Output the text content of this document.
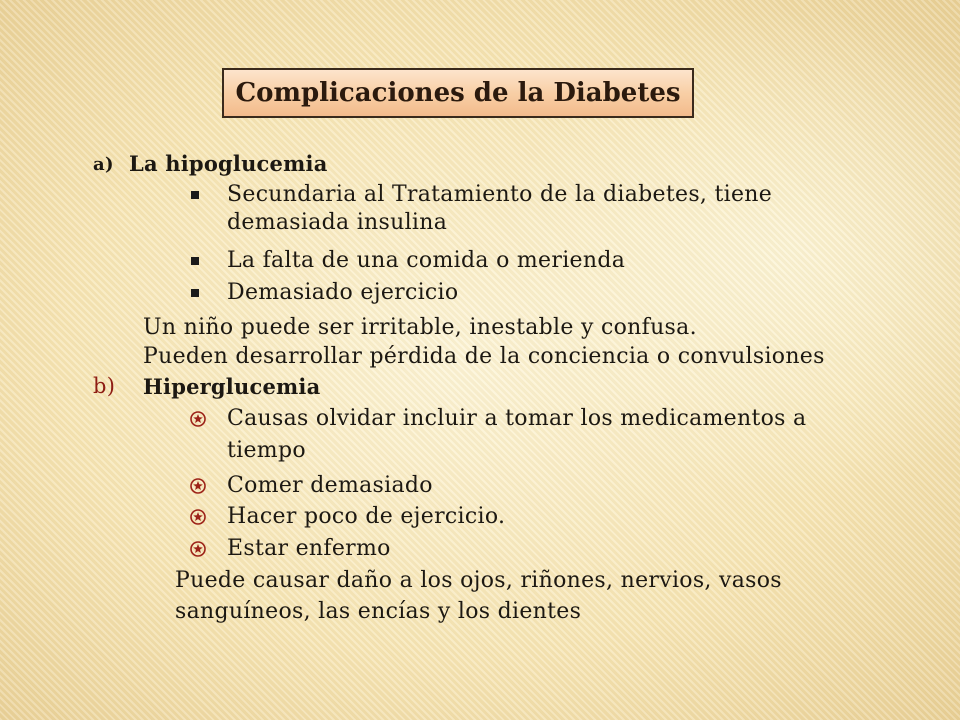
Complicaciones de la Diabetes
a) La hipoglucemia
Secundaria al Tratamiento de la diabetes, tiene
demasiada insulina
La falta de una comida o merienda
Demasiado ejercicio
Un niño puede ser irritable, inestable y confusa.
Pueden desarrollar pérdida de la conciencia o convulsiones
b) Hiperglucemia
Causas olvidar incluir a tomar los medicamentos a
tiempo
Comer demasiado
Hacer poco de ejercicio.
Estar enfermo
Puede causar daño a los ojos, riñones, nervios, vasos
sanguíneos, las encías y los dientes
